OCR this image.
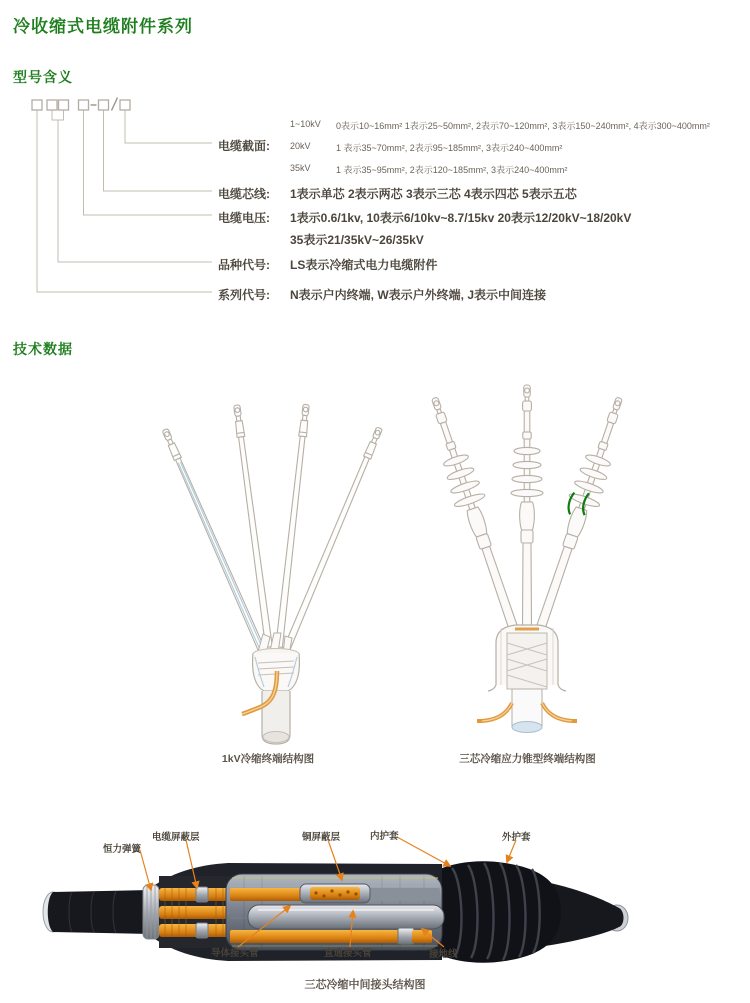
冷收缩式电缆附件系列
型号含义
技术数据
电缆截面:
1~10kV	0表示10~16mm² 1表示25~50mm², 2表示70~120mm², 3表示150~240mm², 4表示300~400mm²
20kV	1 表示35~70mm², 2表示95~185mm², 3表示240~400mm²
35kV	1 表示35~95mm², 2表示120~185mm², 3表示240~400mm²
电缆芯线: 1表示单芯 2表示两芯 3表示三芯 4表示四芯 5表示五芯
电缆电压: 1表示0.6/1kv, 10表示6/10kv~8.7/15kv 20表示12/20kV~18/20kV
35表示21/35kV~26/35kV
品种代号: LS表示冷缩式电力电缆附件
系列代号: N表示户内终端, W表示户外终端, J表示中间连接
1kV冷缩终端结构图	三芯冷缩应力锥型终端结构图
恒力弹簧
电缆屏蔽层	铜屏蔽层	内护套	外护套
导体接头管	直通接头管	接地线
三芯冷缩中间接头结构图
